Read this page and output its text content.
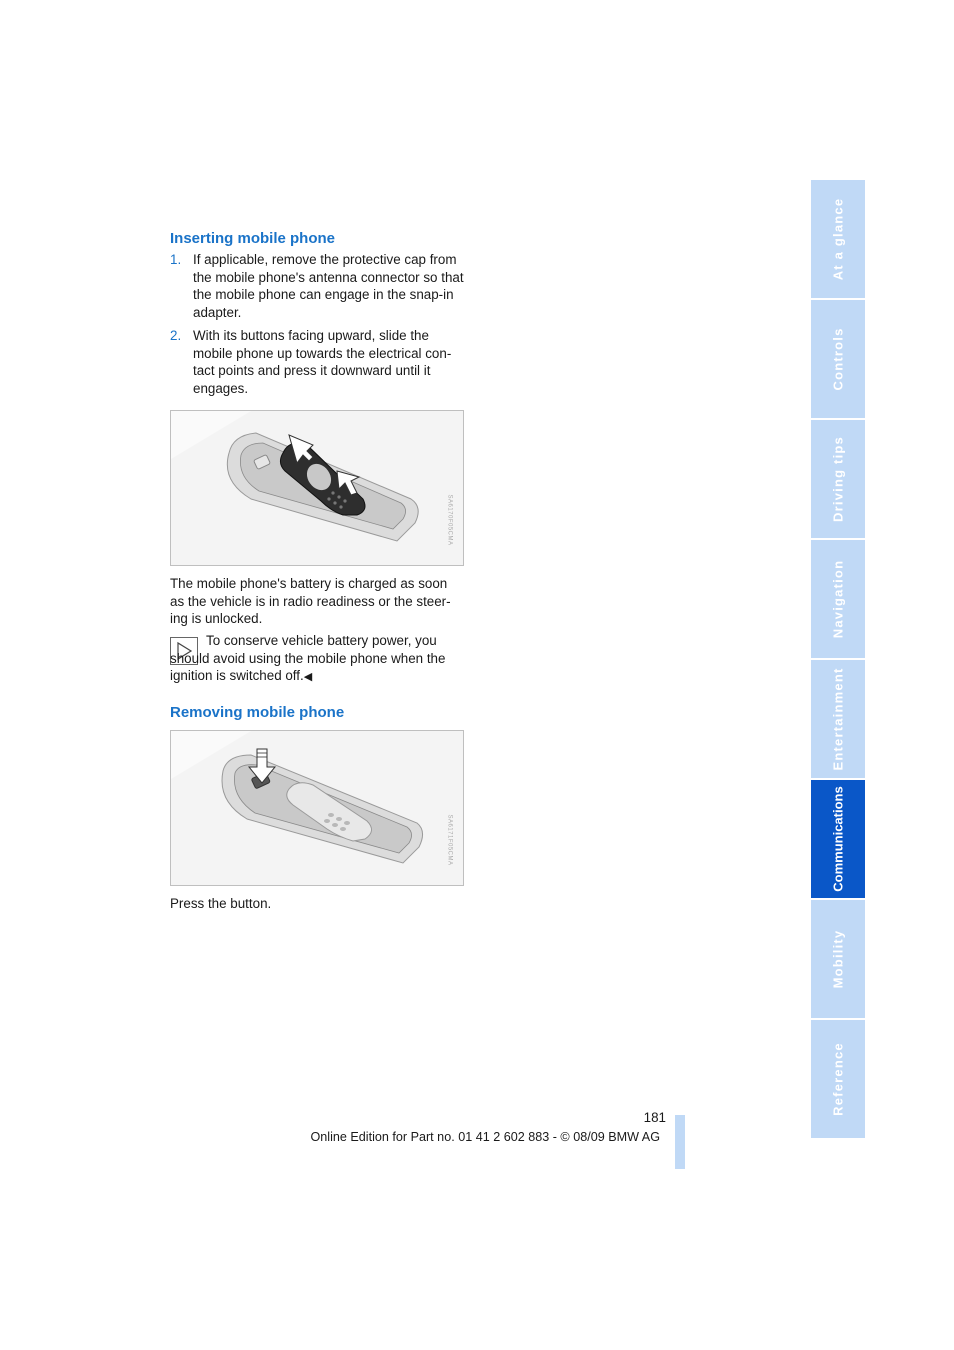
Inserting mobile phone
1. If applicable, remove the protective cap from the mobile phone's antenna connector so that the mobile phone can engage in the snap-in adapter.
2. With its buttons facing upward, slide the mobile phone up towards the electrical con-tact points and press it downward until it engages.
SA6170F05CMA

The mobile phone's battery is charged as soon as the vehicle is in radio readiness or the steer-ing is unlocked.

To conserve vehicle battery power, you should avoid using the mobile phone when the ignition is switched off.◀

Removing mobile phone
SA6171F05CMA

Press the button.

At a glance
Controls
Driving tips
Navigation
Entertainment
Communications
Mobility
Reference
181
Online Edition for Part no. 01 41 2 602 883 - © 08/09 BMW AG
